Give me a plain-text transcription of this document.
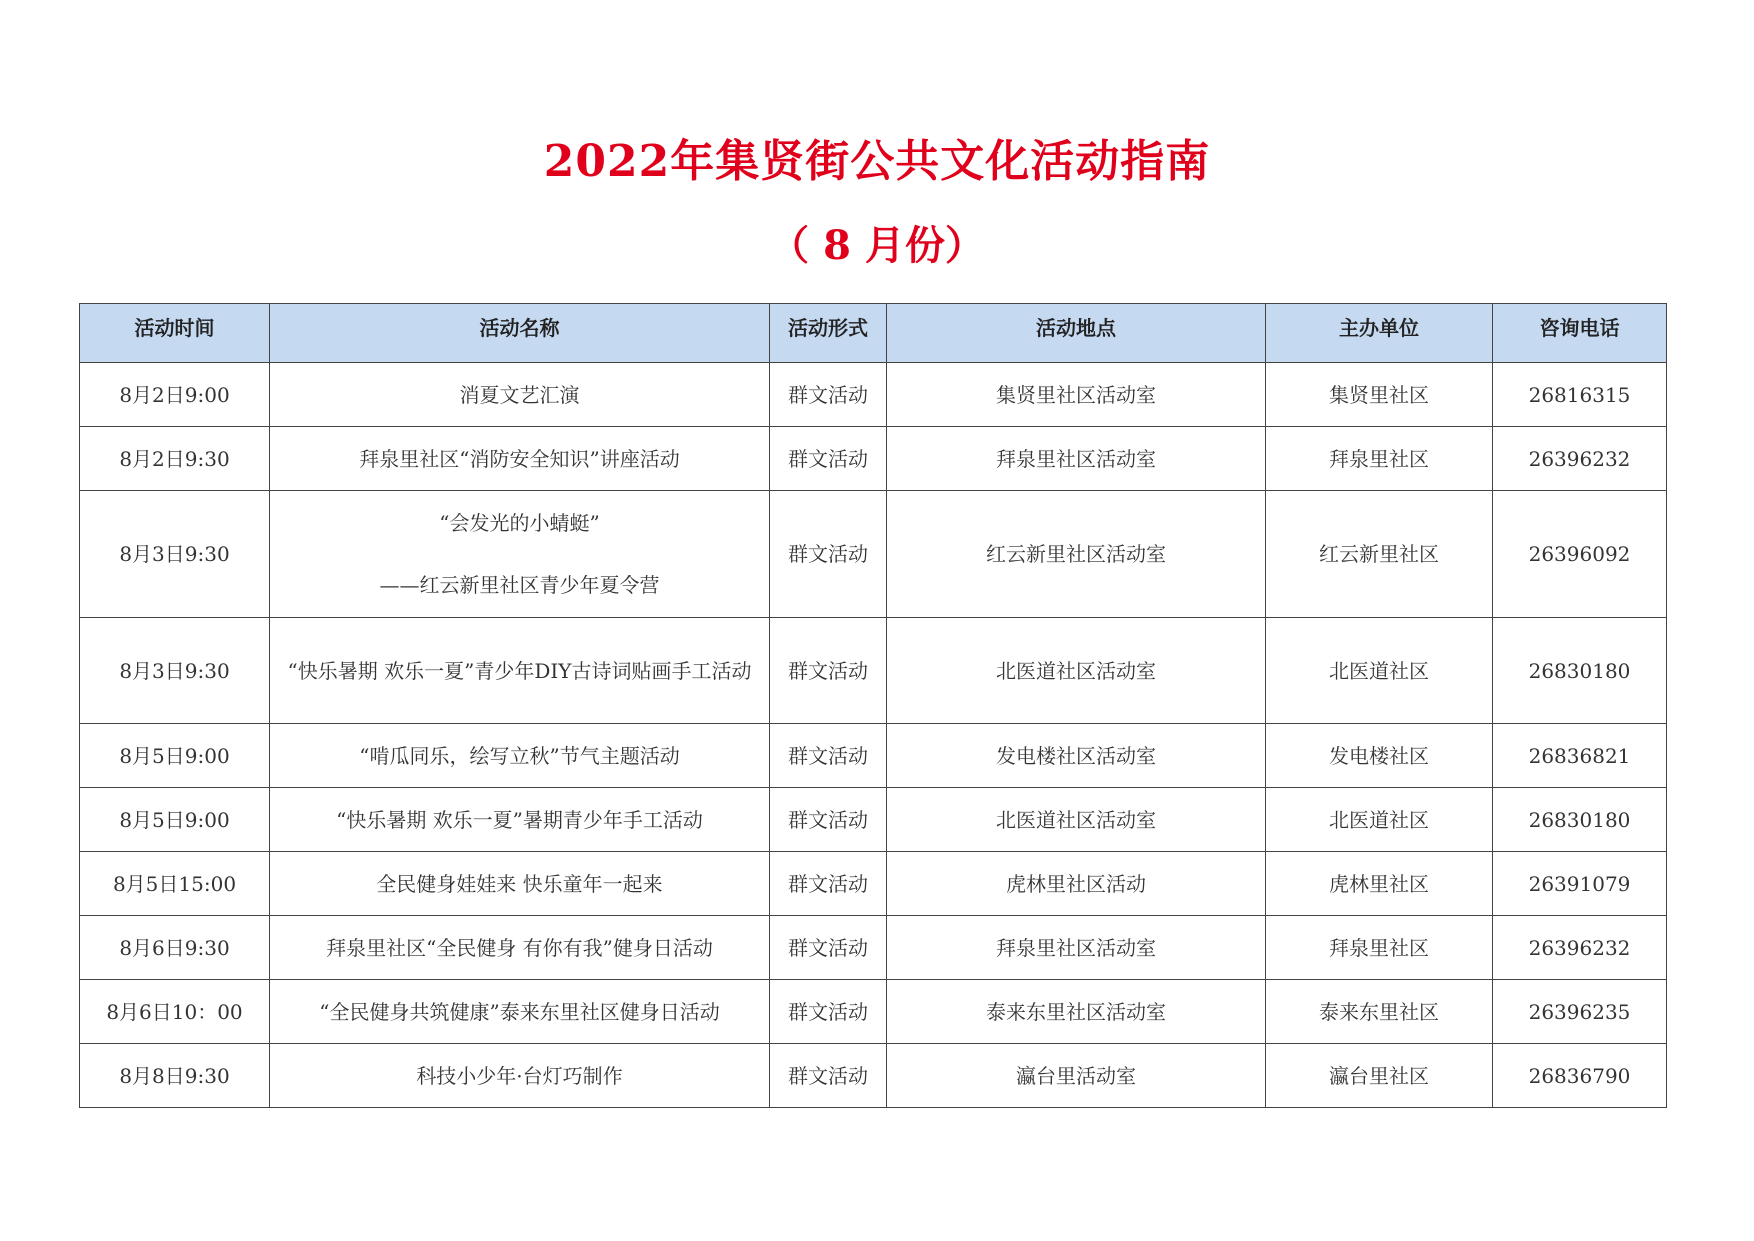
2022年集贤街公共文化活动指南
（ 8 月份）
活动时间	活动名称	活动形式	活动地点	主办单位	咨询电话
8月2日9:00	消夏文艺汇演	群文活动	集贤里社区活动室	集贤里社区	26816315
8月2日9:30	拜泉里社区“消防安全知识”讲座活动	群文活动	拜泉里社区活动室	拜泉里社区	26396232
8月3日9:30	“会发光的小蜻蜓”
——红云新里社区青少年夏令营	群文活动	红云新里社区活动室	红云新里社区	26396092
8月3日9:30	“快乐暑期 欢乐一夏”青少年DIY古诗词贴画手工活动	群文活动	北医道社区活动室	北医道社区	26830180
8月5日9:00	“啃瓜同乐，绘写立秋”节气主题活动	群文活动	发电楼社区活动室	发电楼社区	26836821
8月5日9:00	“快乐暑期 欢乐一夏”暑期青少年手工活动	群文活动	北医道社区活动室	北医道社区	26830180
8月5日15:00	全民健身娃娃来 快乐童年一起来	群文活动	虎林里社区活动	虎林里社区	26391079
8月6日9:30	拜泉里社区“全民健身 有你有我”健身日活动	群文活动	拜泉里社区活动室	拜泉里社区	26396232
8月6日10：00	“全民健身共筑健康”泰来东里社区健身日活动	群文活动	泰来东里社区活动室	泰来东里社区	26396235
8月8日9:30	科技小少年·台灯巧制作	群文活动	瀛台里活动室	瀛台里社区	26836790
